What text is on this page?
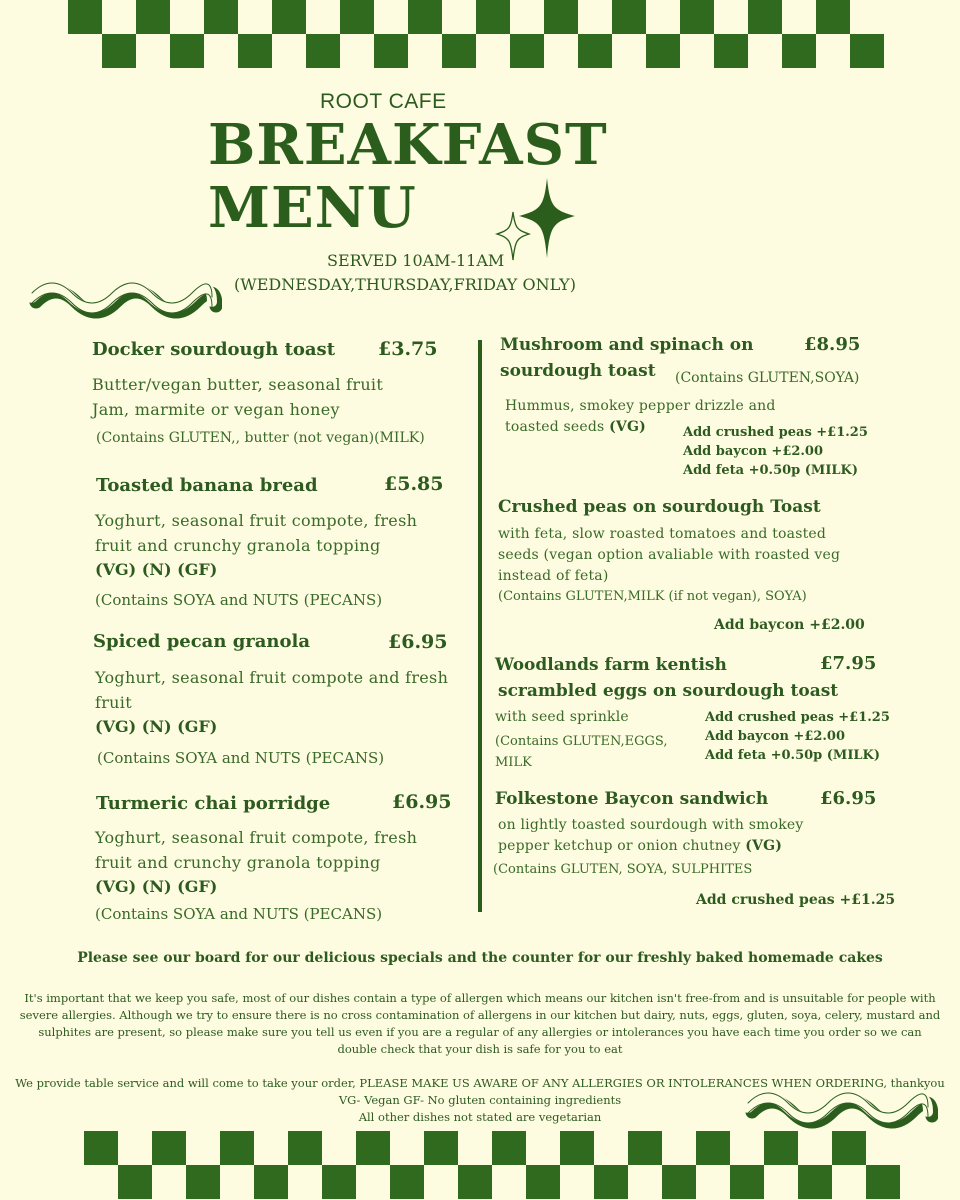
ROOT CAFE
BREAKFAST
MENU
SERVED 10AM-11AM
(WEDNESDAY,THURSDAY,FRIDAY ONLY)
Docker sourdough toast £3.75
Butter/vegan butter, seasonal fruit
Jam, marmite or vegan honey
(Contains GLUTEN,, butter (not vegan)(MILK)
Toasted banana bread	£5.85
Yoghurt, seasonal fruit compote, fresh
fruit and crunchy granola topping
(VG) (N) (GF)
(Contains SOYA and NUTS (PECANS)
Spiced pecan granola	£6.95
Yoghurt, seasonal fruit compote and fresh
fruit
(VG) (N) (GF)
(Contains SOYA and NUTS (PECANS)
Turmeric chai porridge	£6.95
Yoghurt, seasonal fruit compote, fresh
fruit and crunchy granola topping
(VG) (N) (GF)
(Contains SOYA and NUTS (PECANS)
Mushroom and spinach on
sourdough toast
£8.95
(Contains GLUTEN,SOYA)
Hummus, smokey pepper drizzle and
toasted seeds (VG)	Add crushed peas +£1.25
Add baycon +£2.00
Add feta +0.50p (MILK)
Crushed peas on sourdough Toast
with feta, slow roasted tomatoes and toasted
seeds (vegan option avaliable with roasted veg
instead of feta)
(Contains GLUTEN,MILK (if not vegan), SOYA)
Add baycon +£2.00
Woodlands farm kentish
scrambled eggs on sourdough toast
£7.95
with seed sprinkle
(Contains GLUTEN,EGGS,
MILK
Add crushed peas +£1.25
Add baycon +£2.00
Add feta +0.50p (MILK)
Folkestone Baycon sandwich	£6.95
on lightly toasted sourdough with smokey
pepper ketchup or onion chutney (VG)
(Contains GLUTEN, SOYA, SULPHITES
Add crushed peas +£1.25
Please see our board for our delicious specials and the counter for our freshly baked homemade cakes
It's important that we keep you safe, most of our dishes contain a type of allergen which means our kitchen isn't free-from and is unsuitable for people with severe allergies. Although we try to ensure there is no cross contamination of allergens in our kitchen but dairy, nuts, eggs, gluten, soya, celery, mustard and sulphites are present, so please make sure you tell us even if you are a regular of any allergies or intolerances you have each time you order so we can double check that your dish is safe for you to eat
We provide table service and will come to take your order, PLEASE MAKE US AWARE OF ANY ALLERGIES OR INTOLERANCES WHEN ORDERING, thankyou
VG- Vegan GF- No gluten containing ingredients
All other dishes not stated are vegetarian
